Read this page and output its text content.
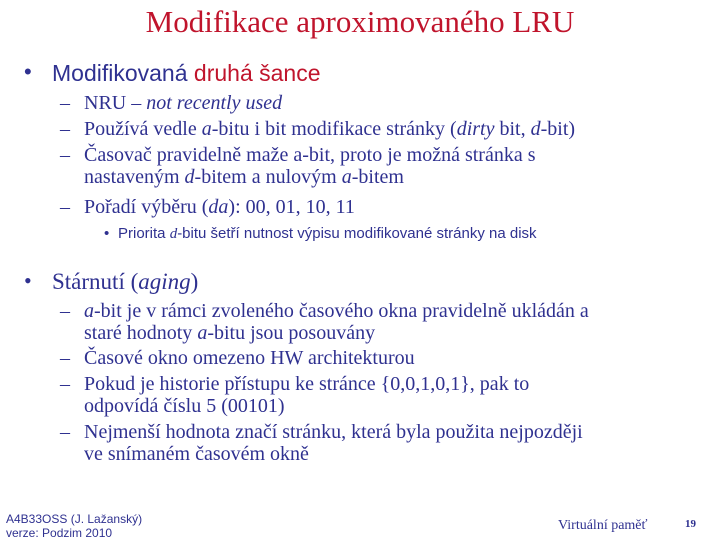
Modifikace aproximovaného LRU
• Modifikovaná druhá šance
– NRU – not recently used
– Používá vedle a-bitu i bit modifikace stránky (dirty bit, d-bit)
– Časovač pravidelně maže a-bit, proto je možná stránka s
nastaveným d-bitem a nulovým a-bitem
– Pořadí výběru (da): 00, 01, 10, 11
• Priorita d-bitu šetří nutnost výpisu modifikované stránky na disk
• Stárnutí (aging)
– a-bit je v rámci zvoleného časového okna pravidelně ukládán a
staré hodnoty a-bitu jsou posouvány
– Časové okno omezeno HW architekturou
– Pokud je historie přístupu ke stránce {0,0,1,0,1}, pak to
odpovídá číslu 5 (00101)
– Nejmenší hodnota značí stránku, která byla použita nejpozději
ve snímaném časovém okně
A4B33OSS (J. Lažanský)
verze: Podzim 2010	Virtuální paměť	19
